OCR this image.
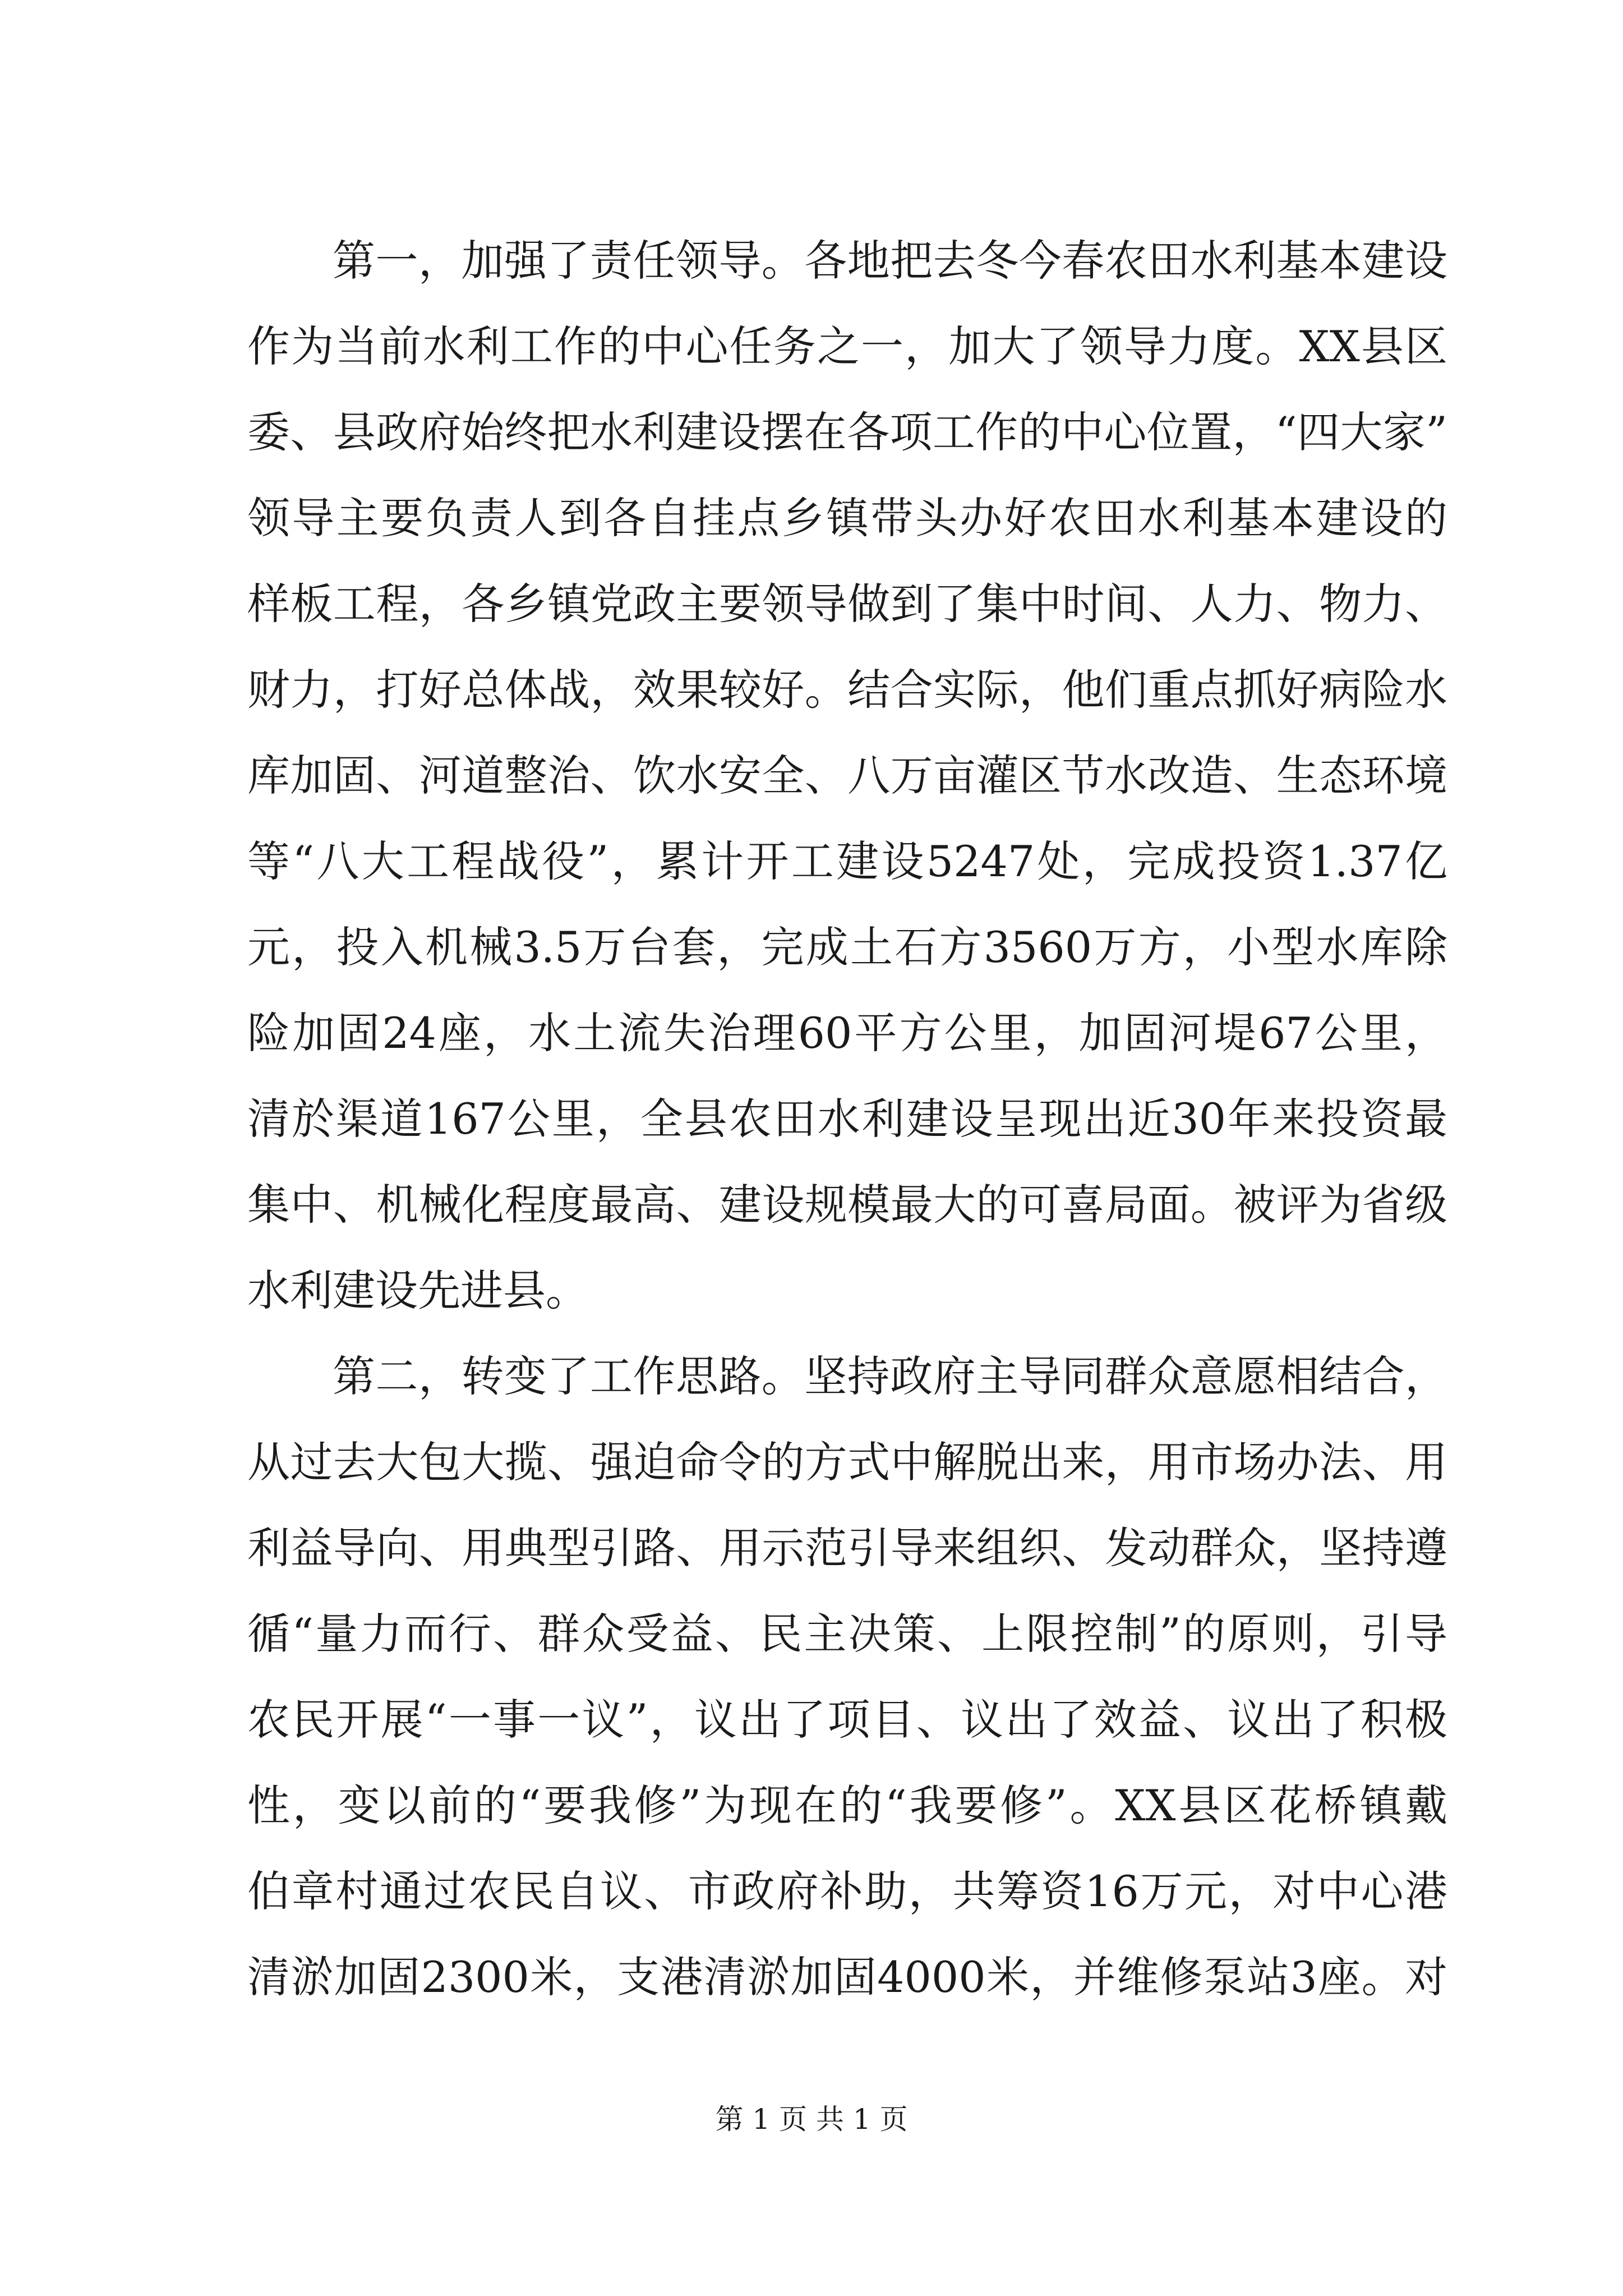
第一，加强了责任领导。各地把去冬今春农田水利基本建设
作为当前水利工作的中心任务之一，加大了领导力度。XX县区
委、县政府始终把水利建设摆在各项工作的中心位置，“四大家”
领导主要负责人到各自挂点乡镇带头办好农田水利基本建设的
样板工程，各乡镇党政主要领导做到了集中时间、人力、物力、
财力，打好总体战，效果较好。结合实际，他们重点抓好病险水
库加固、河道整治、饮水安全、八万亩灌区节水改造、生态环境
等“八大工程战役”，累计开工建设5247处，完成投资1.37亿
元，投入机械3.5万台套，完成土石方3560万方，小型水库除
险加固24座，水土流失治理60平方公里，加固河堤67公里，
清於渠道167公里，全县农田水利建设呈现出近30年来投资最
集中、机械化程度最高、建设规模最大的可喜局面。被评为省级
水利建设先进县。
第二，转变了工作思路。坚持政府主导同群众意愿相结合，
从过去大包大揽、强迫命令的方式中解脱出来，用市场办法、用
利益导向、用典型引路、用示范引导来组织、发动群众，坚持遵
循“量力而行、群众受益、民主决策、上限控制”的原则，引导
农民开展“一事一议”，议出了项目、议出了效益、议出了积极
性，变以前的“要我修”为现在的“我要修”。XX县区花桥镇戴
伯章村通过农民自议、市政府补助，共筹资16万元，对中心港
清淤加固2300米，支港清淤加固4000米，并维修泵站3座。对
第 1 页 共 1 页
